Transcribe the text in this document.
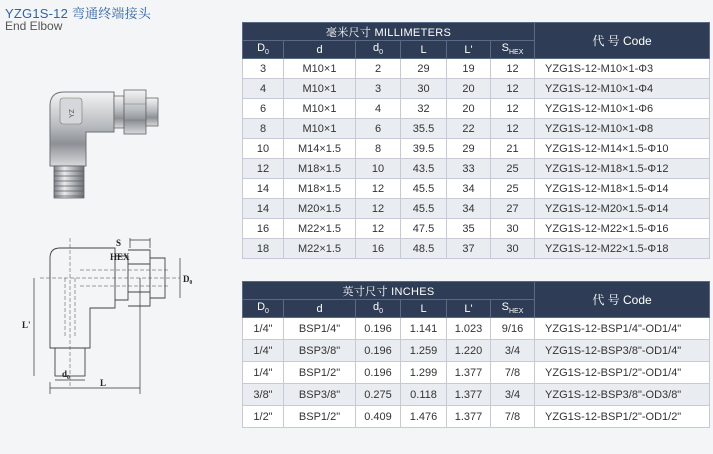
YZG1S-12 弯通终端接头
End Elbow
YZ
S
HEX
D₀
d₀
L
L'
毫米尺寸 MILLIMETERS						代 号 Code
$D_0$	d	$d_0$	L	L'	$S_{HEX}$
3	M10×1	2	29	19	12	YZG1S-12-M10×1-Φ3
4	M10×1	3	30	20	12	YZG1S-12-M10×1-Φ4
6	M10×1	4	32	20	12	YZG1S-12-M10×1-Φ6
8	M10×1	6	35.5	22	12	YZG1S-12-M10×1-Φ8
10	M14×1.5	8	39.5	29	21	YZG1S-12-M14×1.5-Φ10
12	M18×1.5	10	43.5	33	25	YZG1S-12-M18×1.5-Φ12
14	M18×1.5	12	45.5	34	25	YZG1S-12-M18×1.5-Φ14
14	M20×1.5	12	45.5	34	27	YZG1S-12-M20×1.5-Φ14
16	M22×1.5	12	47.5	35	30	YZG1S-12-M22×1.5-Φ16
18	M22×1.5	16	48.5	37	30	YZG1S-12-M22×1.5-Φ18
英寸尺寸 INCHES						代 号 Code
$D_0$	d	$d_0$	L	L'	$S_{HEX}$
1/4"	BSP1/4"	0.196	1.141	1.023	9/16	YZG1S-12-BSP1/4"-OD1/4"
1/4"	BSP3/8"	0.196	1.259	1.220	3/4	YZG1S-12-BSP3/8"-OD1/4"
1/4"	BSP1/2"	0.196	1.299	1.377	7/8	YZG1S-12-BSP1/2"-OD1/4"
3/8"	BSP3/8"	0.275	0.118	1.377	3/4	YZG1S-12-BSP3/8"-OD3/8"
1/2"	BSP1/2"	0.409	1.476	1.377	7/8	YZG1S-12-BSP1/2"-OD1/2"
